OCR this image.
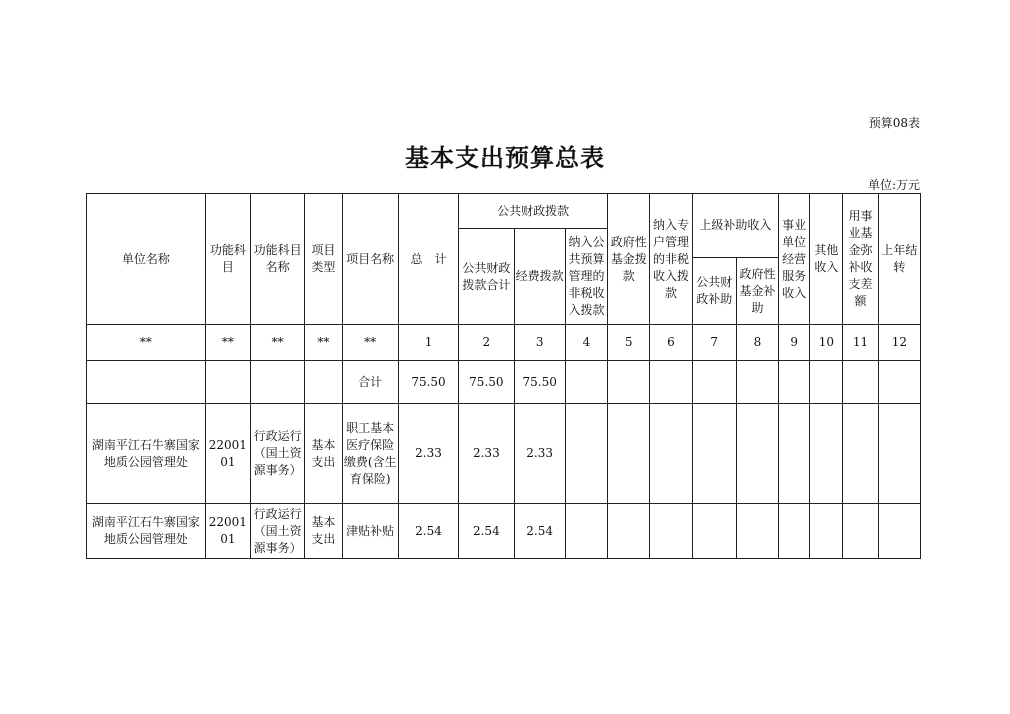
预算08表
基本支出预算总表
单位:万元
单位名称	功能科目	功能科目名称	项目类型	项目名称	总　计	公共财政拨款			政府性基金拨款	纳入专户管理的非税收入拨款	上级补助收入		事业单位经营服务收入	其他收入	用事业基金弥补收支差额	上年结转
						公共财政拨款合计	经费拨款	纳入公共预算管理的非税收入拨款								
											公共财政补助	政府性基金补助				
**	**	**	**	**	1	2	3	4	5	6	7	8	9	10	11	12
				合计	75.50	75.50	75.50									
湖南平江石牛寨国家地质公园管理处	2200101	行政运行（国土资源事务）	基本支出	职工基本医疗保险缴费(含生育保险)	2.33	2.33	2.33									
湖南平江石牛寨国家地质公园管理处	2200101	行政运行（国土资源事务）	基本支出	津贴补贴	2.54	2.54	2.54									
